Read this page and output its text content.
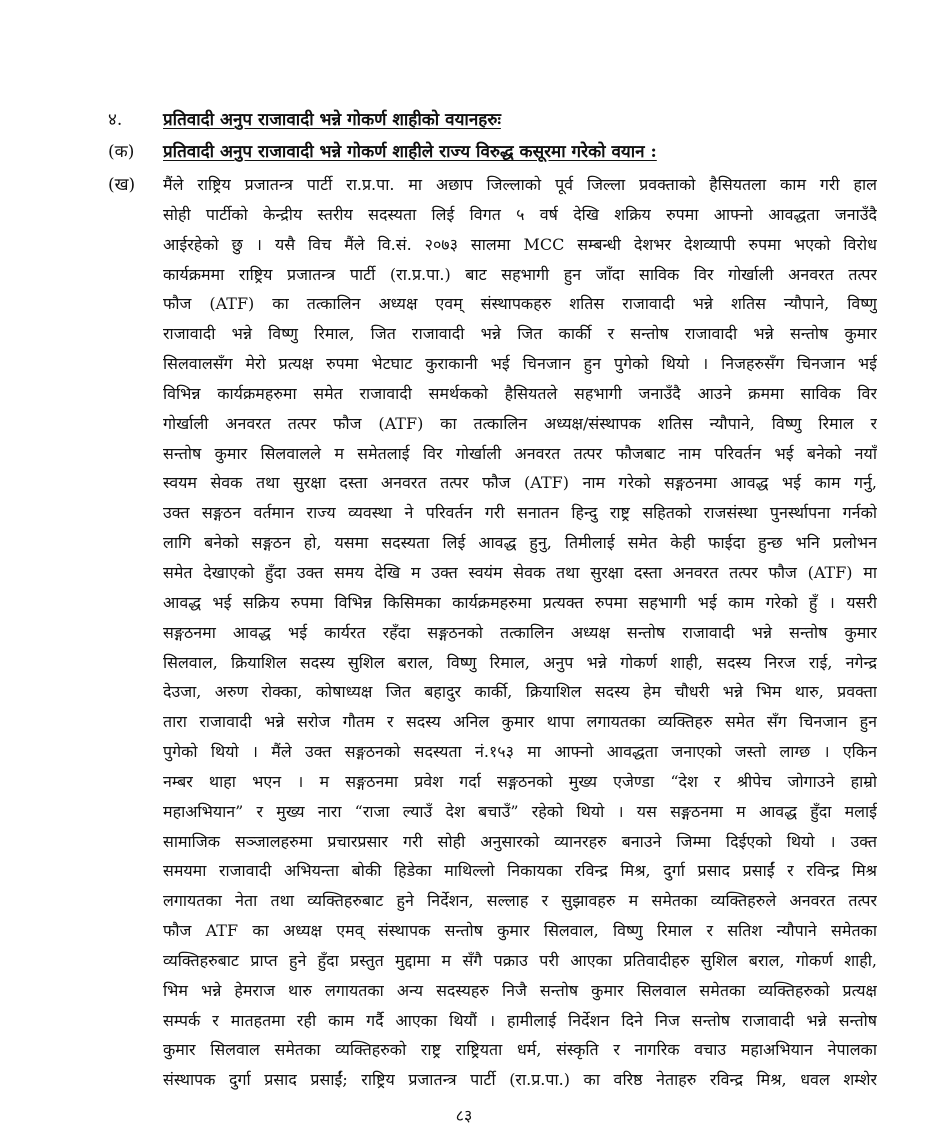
४. प्रतिवादी अनुप राजावादी भन्ने गोकर्ण शाहीको वयानहरुः
(क) प्रतिवादी अनुप राजावादी भन्ने गोकर्ण शाहीले राज्य विरुद्ध कसूरमा गरेको वयान :
(ख) मैंले राष्ट्रिय प्रजातन्त्र पार्टी रा.प्र.पा. मा अछाप जिल्लाको पूर्व जिल्ला प्रवक्ताको हैसियतला काम गरी हाल
सोही पार्टीको केन्द्रीय स्तरीय सदस्यता लिई विगत ५ वर्ष देखि शक्रिय रुपमा आफ्नो आवद्धता जनाउँदै
आईरहेको छु । यसै विच मैंले वि.सं. २०७३ सालमा MCC सम्बन्धी देशभर देशव्यापी रुपमा भएको विरोध
कार्यक्रममा राष्ट्रिय प्रजातन्त्र पार्टी (रा.प्र.पा.) बाट सहभागी हुन जाँदा साविक विर गोर्खाली अनवरत तत्पर
फौज (ATF) का तत्कालिन अध्यक्ष एवम् संस्थापकहरु शतिस राजावादी भन्ने शतिस न्यौपाने, विष्णु
राजावादी भन्ने विष्णु रिमाल, जित राजावादी भन्ने जित कार्की र सन्तोष राजावादी भन्ने सन्तोष कुमार
सिलवालसँग मेरो प्रत्यक्ष रुपमा भेटघाट कुराकानी भई चिनजान हुन पुगेको थियो । निजहरुसँग चिनजान भई
विभिन्न कार्यक्रमहरुमा समेत राजावादी समर्थकको हैसियतले सहभागी जनाउँदै आउने क्रममा साविक विर
गोर्खाली अनवरत तत्पर फौज (ATF) का तत्कालिन अध्यक्ष/संस्थापक शतिस न्यौपाने, विष्णु रिमाल र
सन्तोष कुमार सिलवालले म समेतलाई विर गोर्खाली अनवरत तत्पर फौजबाट नाम परिवर्तन भई बनेको नयाँ
स्वयम सेवक तथा सुरक्षा दस्ता अनवरत तत्पर फौज (ATF) नाम गरेको सङ्गठनमा आवद्ध भई काम गर्नु,
उक्त सङ्गठन वर्तमान राज्य व्यवस्था ने परिवर्तन गरी सनातन हिन्दु राष्ट्र सहितको राजसंस्था पुनर्स्थापना गर्नको
लागि बनेको सङ्गठन हो, यसमा सदस्यता लिई आवद्ध हुनु, तिमीलाई समेत केही फाईदा हुन्छ भनि प्रलोभन
समेत देखाएको हुँदा उक्त समय देखि म उक्त स्वयंम सेवक तथा सुरक्षा दस्ता अनवरत तत्पर फौज (ATF) मा
आवद्ध भई सक्रिय रुपमा विभिन्न किसिमका कार्यक्रमहरुमा प्रत्यक्त रुपमा सहभागी भई काम गरेको हुँ । यसरी
सङ्गठनमा आवद्ध भई कार्यरत रहँदा सङ्गठनको तत्कालिन अध्यक्ष सन्तोष राजावादी भन्ने सन्तोष कुमार
सिलवाल, क्रियाशिल सदस्य सुशिल बराल, विष्णु रिमाल, अनुप भन्ने गोकर्ण शाही, सदस्य निरज राई, नगेन्द्र
देउजा, अरुण रोक्का, कोषाध्यक्ष जित बहादुर कार्की, क्रियाशिल सदस्य हेम चौधरी भन्ने भिम थारु, प्रवक्ता
तारा राजावादी भन्ने सरोज गौतम र सदस्य अनिल कुमार थापा लगायतका व्यक्तिहरु समेत सँग चिनजान हुन
पुगेको थियो । मैंले उक्त सङ्गठनको सदस्यता नं.१५३ मा आफ्नो आवद्धता जनाएको जस्तो लाग्छ । एकिन
नम्बर थाहा भएन । म सङ्गठनमा प्रवेश गर्दा सङ्गठनको मुख्य एजेण्डा “देश र श्रीपेच जोगाउने हाम्रो
महाअभियान” र मुख्य नारा “राजा ल्याउँ देश बचाउँ” रहेको थियो । यस सङ्गठनमा म आवद्ध हुँदा मलाई
सामाजिक सञ्जालहरुमा प्रचारप्रसार गरी सोही अनुसारको व्यानरहरु बनाउने जिम्मा दिईएको थियो । उक्त
समयमा राजावादी अभियन्ता बोकी हिडेका माथिल्लो निकायका रविन्द्र मिश्र, दुर्गा प्रसाद प्रसाईं र रविन्द्र मिश्र
लगायतका नेता तथा व्यक्तिहरुबाट हुने निर्देशन, सल्लाह र सुझावहरु म समेतका व्यक्तिहरुले अनवरत तत्पर
फौज ATF का अध्यक्ष एमव् संस्थापक सन्तोष कुमार सिलवाल, विष्णु रिमाल र सतिश न्यौपाने समेतका
व्यक्तिहरुबाट प्राप्त हुने हुँदा प्रस्तुत मुद्दामा म सँगै पक्राउ परी आएका प्रतिवादीहरु सुशिल बराल, गोकर्ण शाही,
भिम भन्ने हेमराज थारु लगायतका अन्य सदस्यहरु निजै सन्तोष कुमार सिलवाल समेतका व्यक्तिहरुको प्रत्यक्ष
सम्पर्क र मातहतमा रही काम गर्दै आएका थियौं । हामीलाई निर्देशन दिने निज सन्तोष राजावादी भन्ने सन्तोष
कुमार सिलवाल समेतका व्यक्तिहरुको राष्ट्र राष्ट्रियता धर्म, संस्कृति र नागरिक वचाउ महाअभियान नेपालका
संस्थापक दुर्गा प्रसाद प्रसाईं; राष्ट्रिय प्रजातन्त्र पार्टी (रा.प्र.पा.) का वरिष्ठ नेताहरु रविन्द्र मिश्र, धवल शम्शेर
८३
